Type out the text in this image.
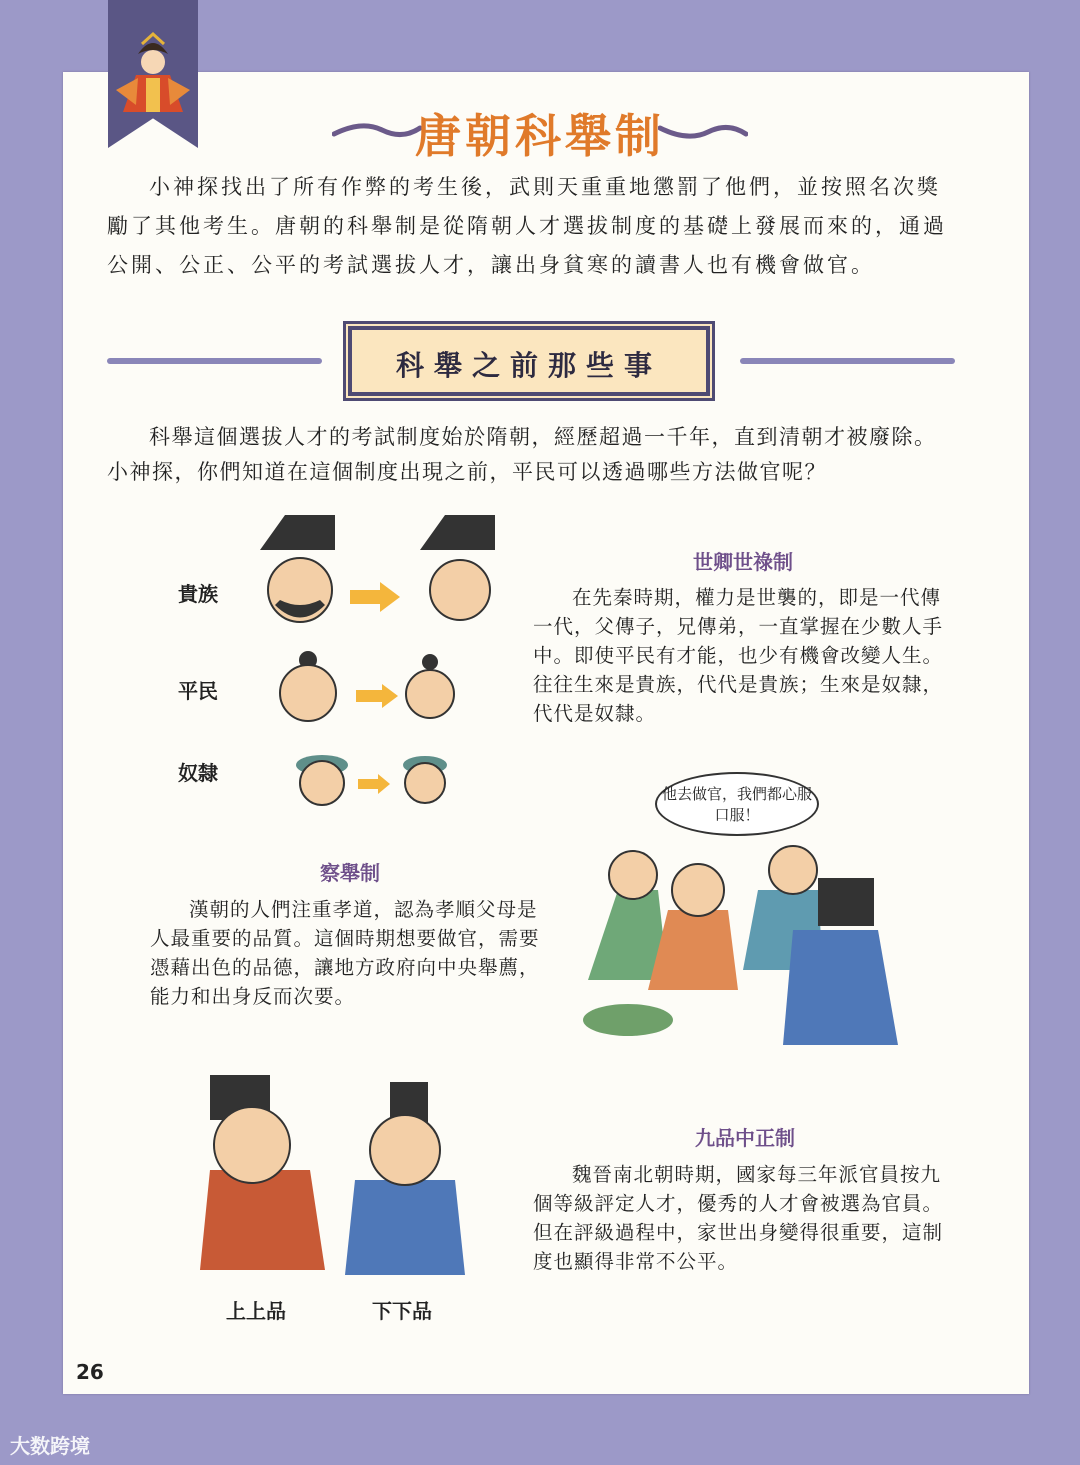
唐朝科舉制

小神探找出了所有作弊的考生後，武則天重重地懲罰了他們，並按照名次獎勵了其他考生。唐朝的科舉制是從隋朝人才選拔制度的基礎上發展而來的，通過公開、公正、公平的考試選拔人才，讓出身貧寒的讀書人也有機會做官。

科舉之前那些事

科舉這個選拔人才的考試制度始於隋朝，經歷超過一千年，直到清朝才被廢除。小神探，你們知道在這個制度出現之前，平民可以透過哪些方法做官呢？

貴族
平民
奴隸
世卿世祿制

在先秦時期，權力是世襲的，即是一代傳一代，父傳子，兄傳弟，一直掌握在少數人手中。即使平民有才能，也少有機會改變人生。往往生來是貴族，代代是貴族；生來是奴隸，代代是奴隸。

察舉制

漢朝的人們注重孝道，認為孝順父母是人最重要的品質。這個時期想要做官，需要憑藉出色的品德，讓地方政府向中央舉薦，能力和出身反而次要。

他去做官，我們都心服口服！
上上品	下下品
九品中正制

魏晉南北朝時期，國家每三年派官員按九個等級評定人才，優秀的人才會被選為官員。但在評級過程中，家世出身變得很重要，這制度也顯得非常不公平。

26
大数跨境
